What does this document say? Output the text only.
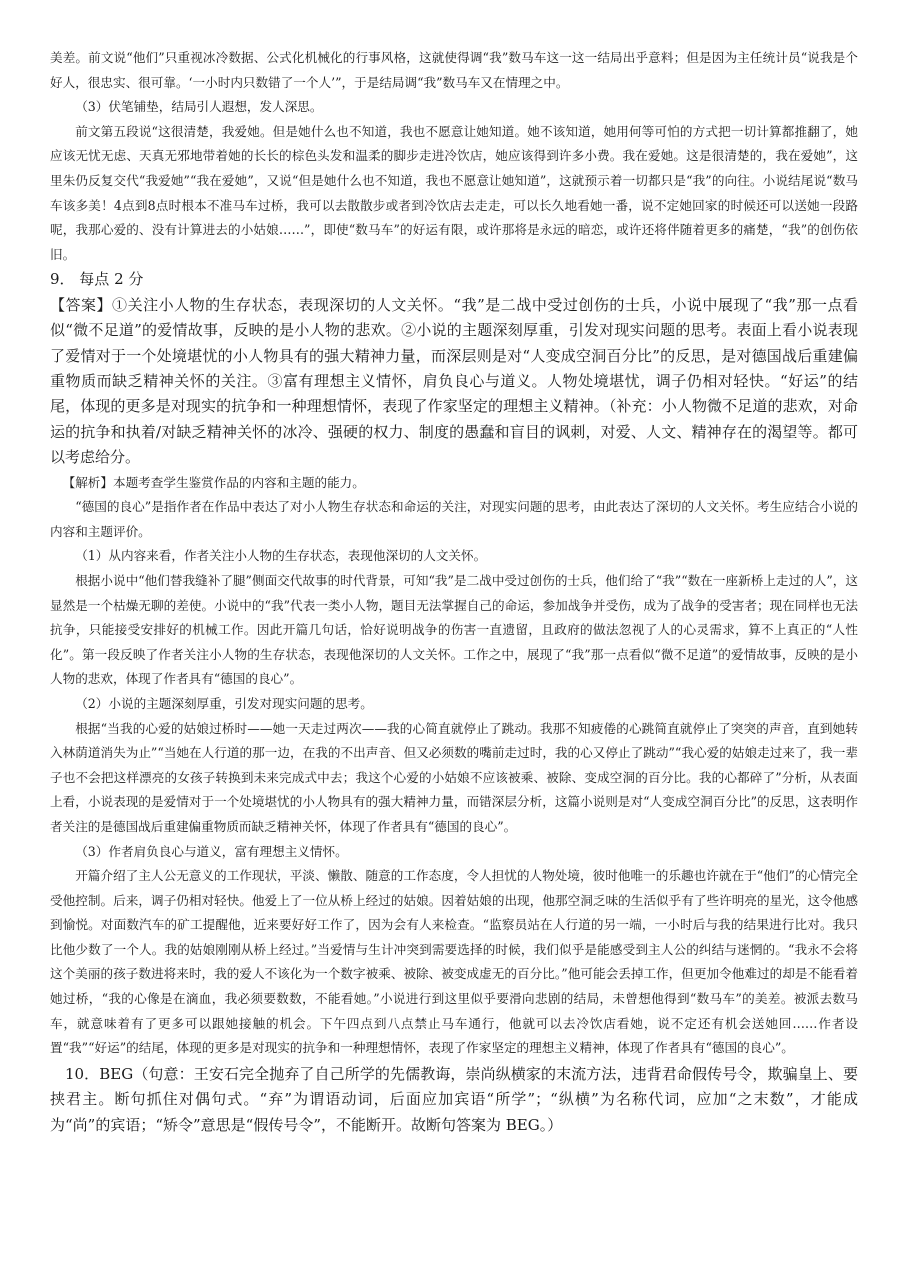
美差。前文说“他们”只重视冰冷数据、公式化机械化的行事风格，这就使得调“我”数马车这一这一结局出乎意料；但是因为主任统计员“说我是个好人，很忠实、很可靠。‘一小时内只数错了一个人’”，于是结局调“我”数马车又在情理之中。

（3）伏笔铺垫，结局引人遐想，发人深思。

前文第五段说“这很清楚，我爱她。但是她什么也不知道，我也不愿意让她知道。她不该知道，她用何等可怕的方式把一切计算都推翻了，她应该无忧无虑、天真无邪地带着她的长长的棕色头发和温柔的脚步走进冷饮店，她应该得到许多小费。我在爱她。这是很清楚的，我在爱她”，这里朱仍反复交代“我爱她”“我在爱她”，又说“但是她什么也不知道，我也不愿意让她知道”，这就预示着一切都只是“我”的向往。小说结尾说“数马车该多美！4点到8点时根本不准马车过桥，我可以去散散步或者到冷饮店去走走，可以长久地看她一番，说不定她回家的时候还可以送她一段路呢，我那心爱的、没有计算进去的小姑娘……”，即使“数马车”的好运有限，或许那将是永远的暗恋，或许还将伴随着更多的痛楚，“我”的创伤依旧。

9． 每点 2 分

【答案】①关注小人物的生存状态，表现深切的人文关怀。“我”是二战中受过创伤的士兵，小说中展现了“我”那一点看似“微不足道”的爱情故事，反映的是小人物的悲欢。②小说的主题深刻厚重，引发对现实问题的思考。表面上看小说表现了爱情对于一个处境堪忧的小人物具有的强大精神力量，而深层则是对“人变成空洞百分比”的反思，是对德国战后重建偏重物质而缺乏精神关怀的关注。③富有理想主义情怀，肩负良心与道义。人物处境堪忧，调子仍相对轻快。“好运”的结尾，体现的更多是对现实的抗争和一种理想情怀，表现了作家坚定的理想主义精神。（补充：小人物微不足道的悲欢，对命运的抗争和执着/对缺乏精神关怀的冰冷、强硬的权力、制度的愚蠢和盲目的讽刺，对爱、人文、精神存在的渴望等。都可以考虑给分。

【解析】本题考查学生鉴赏作品的内容和主题的能力。

“德国的良心”是指作者在作品中表达了对小人物生存状态和命运的关注，对现实问题的思考，由此表达了深切的人文关怀。考生应结合小说的内容和主题评价。

（1）从内容来看，作者关注小人物的生存状态，表现他深切的人文关怀。

根据小说中“他们替我缝补了腿”侧面交代故事的时代背景，可知“我”是二战中受过创伤的士兵，他们给了“我”“数在一座新桥上走过的人”，这显然是一个枯燥无聊的差使。小说中的“我”代表一类小人物，题目无法掌握自己的命运，参加战争并受伤，成为了战争的受害者；现在同样也无法抗争，只能接受安排好的机械工作。因此开篇几句话，恰好说明战争的伤害一直遗留，且政府的做法忽视了人的心灵需求，算不上真正的“人性化”。第一段反映了作者关注小人物的生存状态，表现他深切的人文关怀。工作之中，展现了“我”那一点看似“微不足道”的爱情故事，反映的是小人物的悲欢，体现了作者具有“德国的良心”。

（2）小说的主题深刻厚重，引发对现实问题的思考。

根据“当我的心爱的姑娘过桥时——她一天走过两次——我的心简直就停止了跳动。我那不知疲倦的心跳简直就停止了突突的声音，直到她转入林荫道消失为止”“当她在人行道的那一边，在我的不出声音、但又必须数的嘴前走过时，我的心又停止了跳动”“我心爱的姑娘走过来了，我一辈子也不会把这样漂亮的女孩子转换到未来完成式中去；我这个心爱的小姑娘不应该被乘、被除、变成空洞的百分比。我的心都碎了”分析，从表面上看，小说表现的是爱情对于一个处境堪忧的小人物具有的强大精神力量，而错深层分析，这篇小说则是对“人变成空洞百分比”的反思，这表明作者关注的是德国战后重建偏重物质而缺乏精神关怀，体现了作者具有“德国的良心”。

（3）作者肩负良心与道义，富有理想主义情怀。

开篇介绍了主人公无意义的工作现状，平淡、懒散、随意的工作态度，令人担忧的人物处境，彼时他唯一的乐趣也许就在于“他们”的心情完全受他控制。后来，调子仍相对轻快。他爱上了一位从桥上经过的姑娘。因着姑娘的出现，他那空洞乏味的生活似乎有了些许明亮的星光，这令他感到愉悦。对面数汽车的矿工提醒他，近来要好好工作了，因为会有人来检查。“监察员站在人行道的另一端，一小时后与我的结果进行比对。我只比他少数了一个人。我的姑娘刚刚从桥上经过。”当爱情与生计冲突到需要选择的时候，我们似乎是能感受到主人公的纠结与迷惘的。“我永不会将这个美丽的孩子数进将来时，我的爱人不该化为一个数字被乘、被除、被变成虚无的百分比。”他可能会丢掉工作，但更加令他难过的却是不能看着她过桥，“我的心像是在滴血，我必须要数数，不能看她。”小说进行到这里似乎要滑向悲剧的结局，未曾想他得到“数马车”的美差。被派去数马车，就意味着有了更多可以跟她接触的机会。下午四点到八点禁止马车通行，他就可以去冷饮店看她，说不定还有机会送她回……作者设置“我”“好运”的结尾，体现的更多是对现实的抗争和一种理想情怀，表现了作家坚定的理想主义精神，体现了作者具有“德国的良心”。

10．BEG（句意：王安石完全抛弃了自己所学的先儒教诲，崇尚纵横家的末流方法，违背君命假传号令，欺骗皇上、要挟君主。断句抓住对偶句式。“弃”为谓语动词，后面应加宾语“所学”；“纵横”为名称代词，应加“之末数”，才能成为“尚”的宾语；“矫令”意思是“假传号令”，不能断开。故断句答案为 BEG。）
